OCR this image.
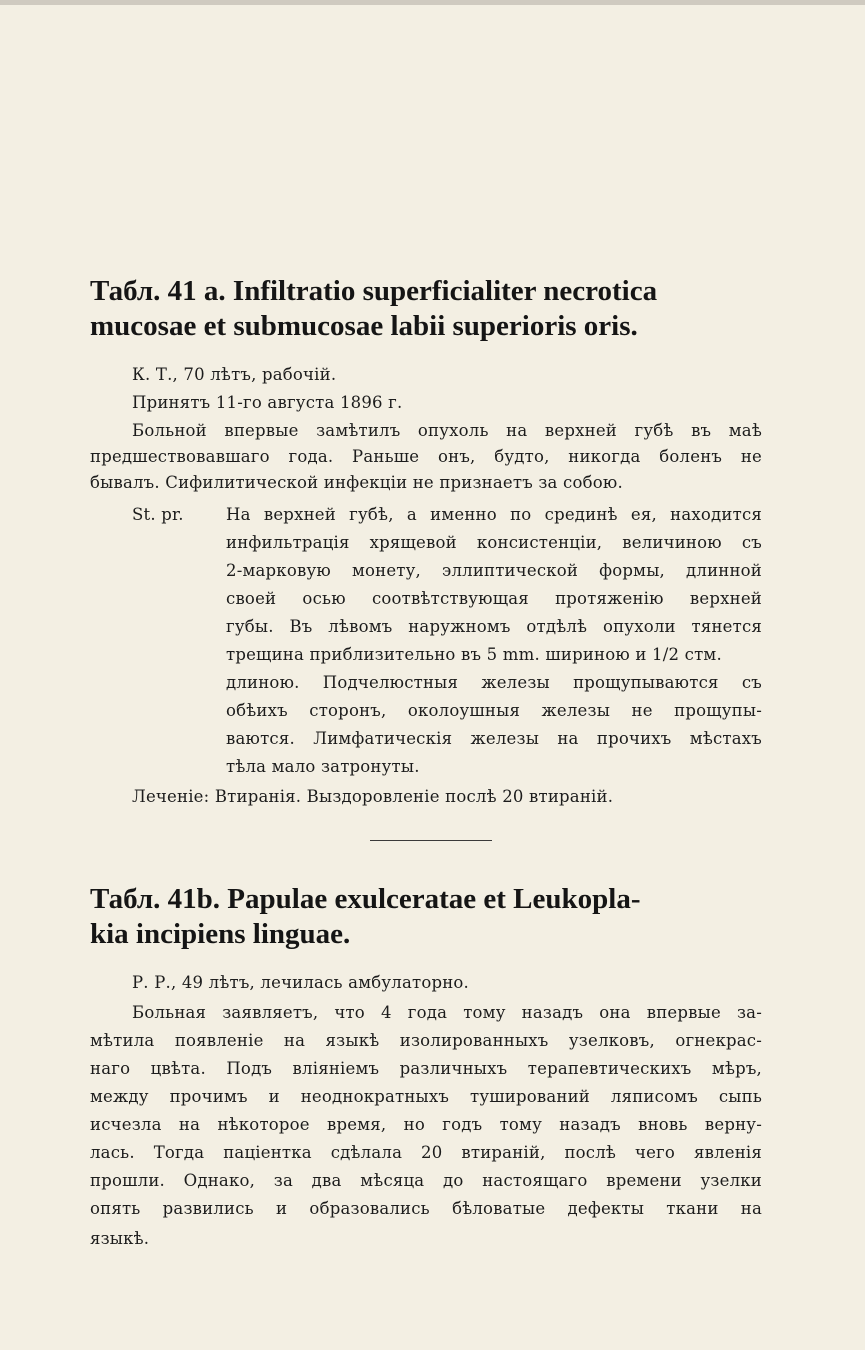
Табл. 41 a. Infiltratio superficialiter necrotica
mucosae et submucosae labii superioris oris.
К. Т., 70 лѣтъ, рабочій.
Принятъ 11-го августа 1896 г.
Больной впервые замѣтилъ опухоль на верхней губѣ въ маѣ
предшествовавшаго года. Раньше онъ, будто, никогда боленъ не
бывалъ. Сифилитической инфекціи не признаетъ за собою.
St. pr.	На верхней губѣ, а именно по срединѣ ея, находится
инфильтрація хрящевой консистенціи, величиною съ
2-марковую монету, эллиптической формы, длинной
своей осью соотвѣтствующая протяженію верхней
губы. Въ лѣвомъ наружномъ отдѣлѣ опухоли тянется
трещина приблизительно въ 5 mm. шириною и 1/2 стм.
длиною. Подчелюстныя железы прощупываются съ
обѣихъ сторонъ, околоушныя железы не прощупы-
ваются. Лимфатическія железы на прочихъ мѣстахъ
тѣла мало затронуты.
Леченіе: Втиранія. Выздоровленіе послѣ 20 втираній.
Табл. 41b. Papulae exulceratae et Leukopla-
kia incipiens linguae.
Р. Р., 49 лѣтъ, лечилась амбулаторно.
Больная заявляетъ, что 4 года тому назадъ она впервые за-
мѣтила появленіе на языкѣ изолированныхъ узелковъ, огнекрас-
наго цвѣта. Подъ вліяніемъ различныхъ терапевтическихъ мѣръ,
между прочимъ и неоднократныхъ туширований ляписомъ сыпь
исчезла на нѣкоторое время, но годъ тому назадъ вновь верну-
лась. Тогда паціентка сдѣлала 20 втираній, послѣ чего явленія
прошли. Однако, за два мѣсяца до настоящаго времени узелки
опять развились и образовались бѣловатые дефекты ткани на
языкѣ.
